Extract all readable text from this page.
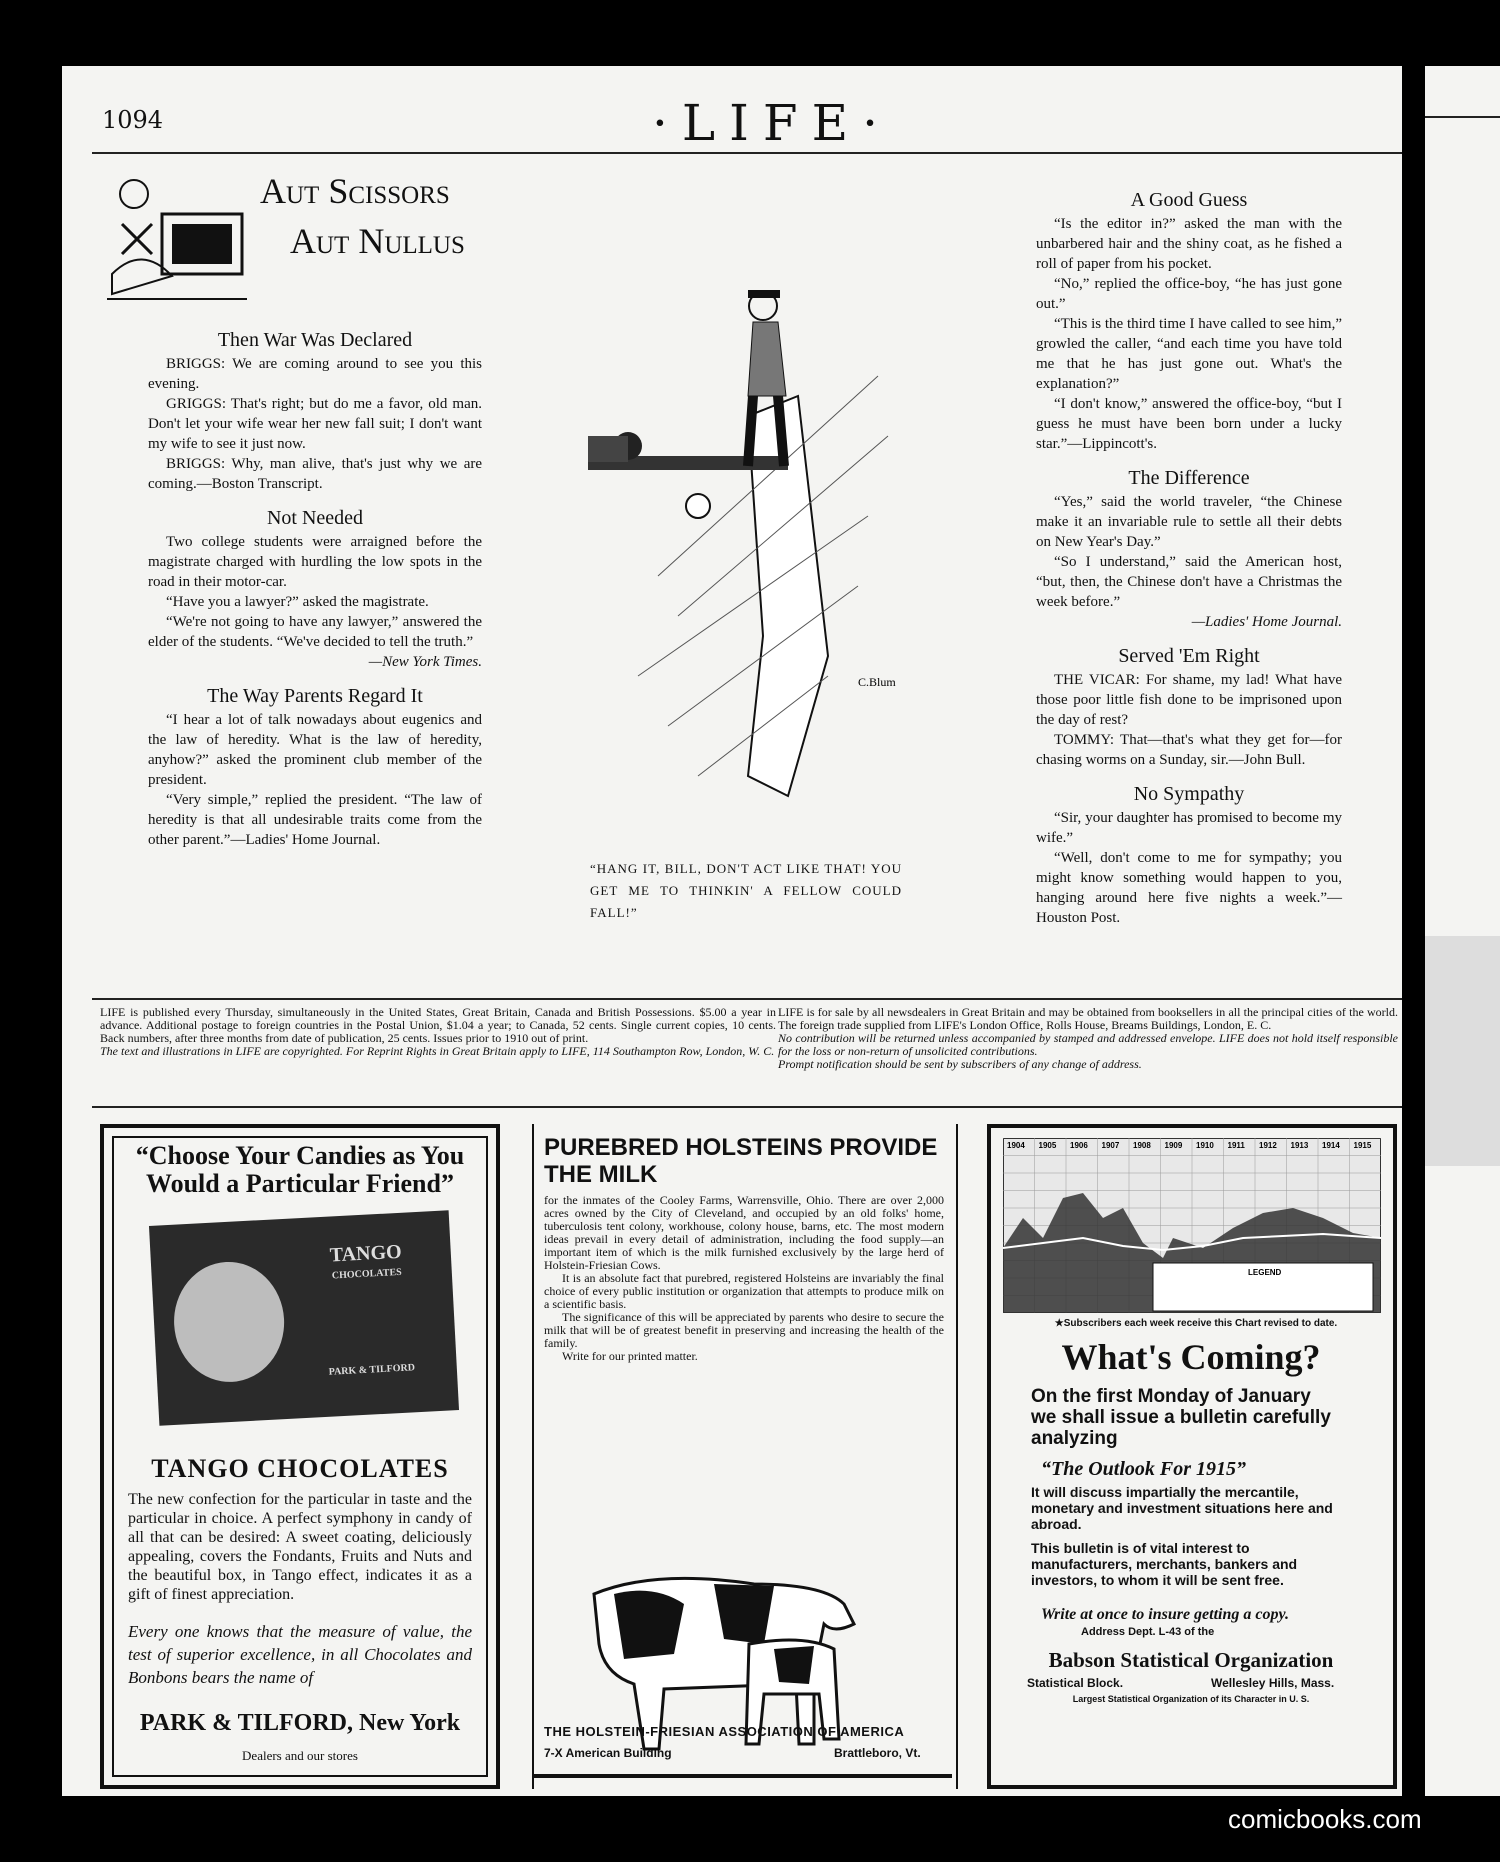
1094	·LIFE·
Aut Scissors
Aut Nullus
Then War Was Declared

BRIGGS: We are coming around to see you this evening.

GRIGGS: That's right; but do me a favor, old man. Don't let your wife wear her new fall suit; I don't want my wife to see it just now.

BRIGGS: Why, man alive, that's just why we are coming.—Boston Transcript.

Not Needed

Two college students were arraigned before the magistrate charged with hurdling the low spots in the road in their motor-car.

“Have you a lawyer?” asked the magistrate.

“We're not going to have any lawyer,” answered the elder of the students. “We've decided to tell the truth.”

—New York Times.

The Way Parents Regard It

“I hear a lot of talk nowadays about eugenics and the law of heredity. What is the law of heredity, anyhow?” asked the prominent club member of the president.

“Very simple,” replied the president. “The law of heredity is that all undesirable traits come from the other parent.”—Ladies' Home Journal.

C.Blum
“HANG IT, BILL, DON'T ACT LIKE THAT! YOU GET ME TO THINKIN' A FELLOW COULD FALL!”
A Good Guess

“Is the editor in?” asked the man with the unbarbered hair and the shiny coat, as he fished a roll of paper from his pocket.

“No,” replied the office-boy, “he has just gone out.”

“This is the third time I have called to see him,” growled the caller, “and each time you have told me that he has just gone out. What's the explanation?”

“I don't know,” answered the office-boy, “but I guess he must have been born under a lucky star.”—Lippincott's.

The Difference

“Yes,” said the world traveler, “the Chinese make it an invariable rule to settle all their debts on New Year's Day.”

“So I understand,” said the American host, “but, then, the Chinese don't have a Christmas the week before.”

—Ladies' Home Journal.

Served 'Em Right

THE VICAR: For shame, my lad! What have those poor little fish done to be imprisoned upon the day of rest?

TOMMY: That—that's what they get for—for chasing worms on a Sunday, sir.—John Bull.

No Sympathy

“Sir, your daughter has promised to become my wife.”

“Well, don't come to me for sympathy; you might know something would happen to you, hanging around here five nights a week.”—Houston Post.

LIFE is published every Thursday, simultaneously in the United States, Great Britain, Canada and British Possessions. $5.00 a year in advance. Additional postage to foreign countries in the Postal Union, $1.04 a year; to Canada, 52 cents. Single current copies, 10 cents. Back numbers, after three months from date of publication, 25 cents. Issues prior to 1910 out of print.
The text and illustrations in LIFE are copyrighted. For Reprint Rights in Great Britain apply to LIFE, 114 Southampton Row, London, W. C.
LIFE is for sale by all newsdealers in Great Britain and may be obtained from booksellers in all the principal cities of the world. The foreign trade supplied from LIFE's London Office, Rolls House, Breams Buildings, London, E. C.
No contribution will be returned unless accompanied by stamped and addressed envelope. LIFE does not hold itself responsible for the loss or non-return of unsolicited contributions.
Prompt notification should be sent by subscribers of any change of address.
“Choose Your Candies as You Would a Particular Friend”
TANGO
CHOCOLATES
PARK & TILFORD
TANGO CHOCOLATES
The new confection for the particular in taste and the particular in choice. A perfect symphony in candy of all that can be desired: A sweet coating, deliciously appealing, covers the Fondants, Fruits and Nuts and the beautiful box, in Tango effect, indicates it as a gift of finest appreciation.
Every one knows that the measure of value, the test of superior excellence, in all Chocolates and Bonbons bears the name of
PARK & TILFORD, New York
Dealers and our stores
PUREBRED HOLSTEINS PROVIDE THE MILK

for the inmates of the Cooley Farms, Warrensville, Ohio. There are over 2,000 acres owned by the City of Cleveland, and occupied by an old folks' home, tuberculosis tent colony, workhouse, colony house, barns, etc. The most modern ideas prevail in every detail of administration, including the food supply—an important item of which is the milk furnished exclusively by the large herd of Holstein-Friesian Cows.

It is an absolute fact that purebred, registered Holsteins are invariably the final choice of every public institution or organization that attempts to produce milk on a scientific basis.

The significance of this will be appreciated by parents who desire to secure the milk that will be of greatest benefit in preserving and increasing the health of the family.

Write for our printed matter.

THE HOLSTEIN-FRIESIAN ASSOCIATION OF AMERICA
7-X American Building	Brattleboro, Vt.
1904 1905 1906 1907 1908 1909 1910 1911 1912 1913 1914 1915
LEGEND
★Subscribers each week receive this Chart revised to date.
What's Coming?
On the first Monday of January we shall issue a bulletin carefully analyzing
“The Outlook For 1915”
It will discuss impartially the mercantile, monetary and investment situations here and abroad.
This bulletin is of vital interest to manufacturers, merchants, bankers and investors, to whom it will be sent free.
Write at once to insure getting a copy.
Address Dept. L-43 of the
Babson Statistical Organization
Statistical Block.	Wellesley Hills, Mass.
Largest Statistical Organization of its Character in U. S.
comicbooks.com
